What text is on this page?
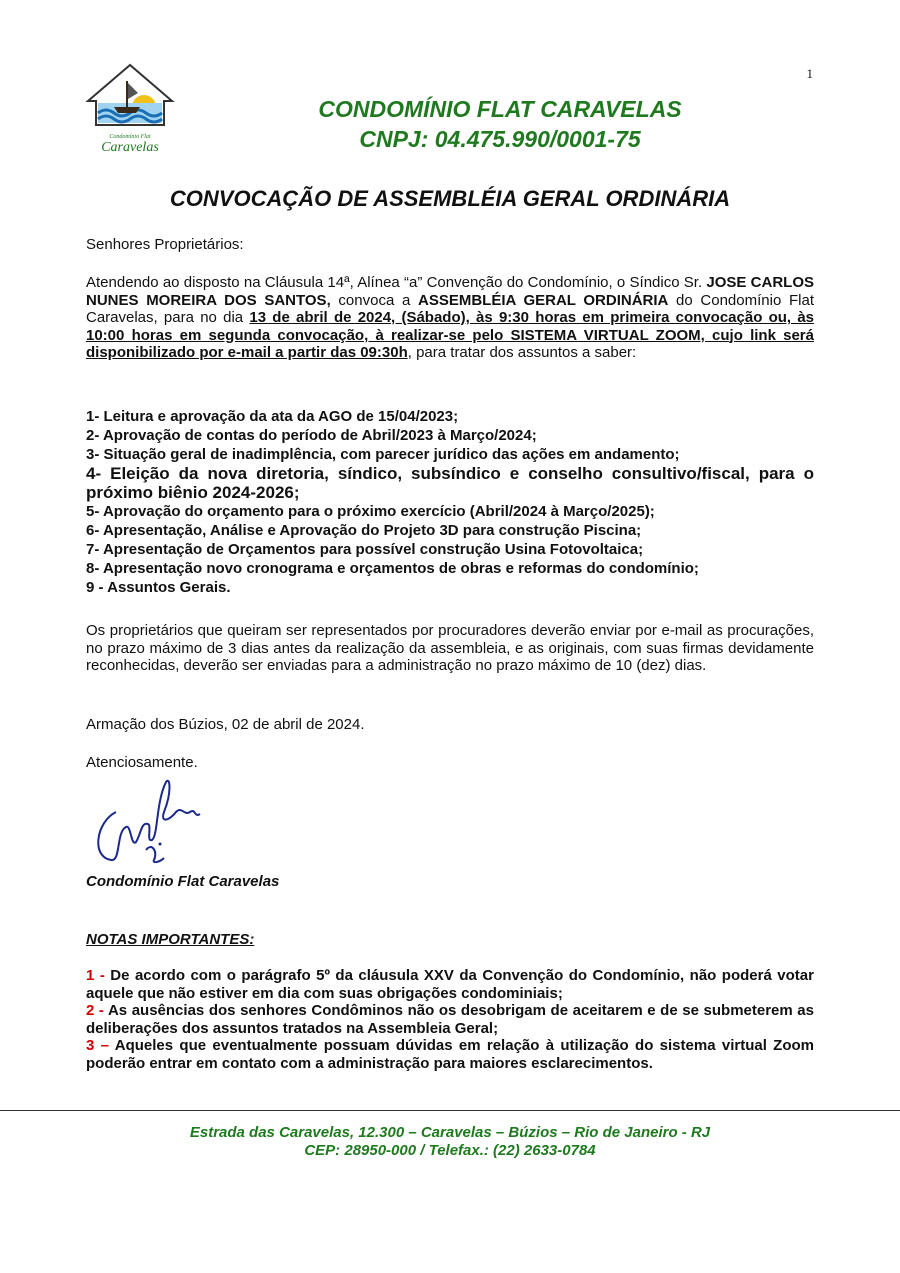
1
Condomínio Flat
Caravelas
CONDOMÍNIO FLAT CARAVELAS
CNPJ: 04.475.990/0001-75
CONVOCAÇÃO DE ASSEMBLÉIA GERAL ORDINÁRIA
Senhores Proprietários:
Atendendo ao disposto na Cláusula 14ª, Alínea “a” Convenção do Condomínio, o Síndico Sr. JOSE CARLOS NUNES MOREIRA DOS SANTOS, convoca a ASSEMBLÉIA GERAL ORDINÁRIA do Condomínio Flat Caravelas, para no dia 13 de abril de 2024, (Sábado), às 9:30 horas em primeira convocação ou, às 10:00 horas em segunda convocação, à realizar-se pelo SISTEMA VIRTUAL ZOOM, cujo link será disponibilizado por e-mail a partir das 09:30h, para tratar dos assuntos a saber:
1- Leitura e aprovação da ata da AGO de 15/04/2023;
2- Aprovação de contas do período de Abril/2023 à Março/2024;
3- Situação geral de inadimplência, com parecer jurídico das ações em andamento;
4- Eleição da nova diretoria, síndico, subsíndico e conselho consultivo/fiscal, para o próximo biênio 2024-2026;
5- Aprovação do orçamento para o próximo exercício (Abril/2024 à Março/2025);
6- Apresentação, Análise e Aprovação do Projeto 3D para construção Piscina;
7- Apresentação de Orçamentos para possível construção Usina Fotovoltaica;
8- Apresentação novo cronograma e orçamentos de obras e reformas do condomínio;
9 - Assuntos Gerais.
Os proprietários que queiram ser representados por procuradores deverão enviar por e-mail as procurações, no prazo máximo de 3 dias antes da realização da assembleia, e as originais, com suas firmas devidamente reconhecidas, deverão ser enviadas para a administração no prazo máximo de 10 (dez) dias.
Armação dos Búzios, 02 de abril de 2024.
Atenciosamente.
Condomínio Flat Caravelas
NOTAS IMPORTANTES:
1 - De acordo com o parágrafo 5º da cláusula XXV da Convenção do Condomínio, não poderá votar aquele que não estiver em dia com suas obrigações condominiais;
2 - As ausências dos senhores Condôminos não os desobrigam de aceitarem e de se submeterem as deliberações dos assuntos tratados na Assembleia Geral;
3 – Aqueles que eventualmente possuam dúvidas em relação à utilização do sistema virtual Zoom poderão entrar em contato com a administração para maiores esclarecimentos.
Estrada das Caravelas, 12.300 – Caravelas – Búzios – Rio de Janeiro - RJ
CEP: 28950-000 / Telefax.: (22) 2633-0784
